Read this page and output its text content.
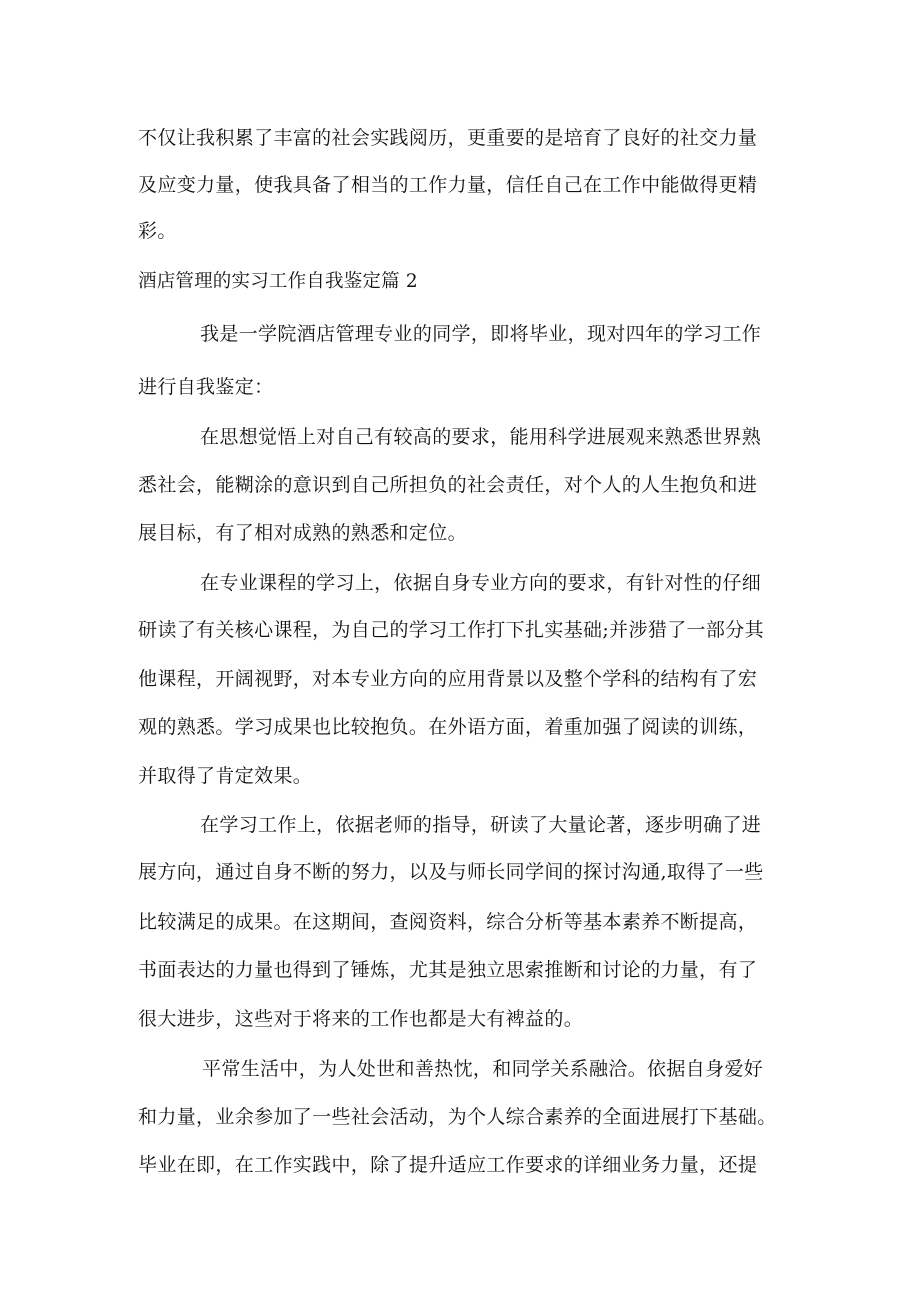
不仅让我积累了丰富的社会实践阅历，更重要的是培育了良好的社交力量
及应变力量，使我具备了相当的工作力量，信任自己在工作中能做得更精
彩。
酒店管理的实习工作自我鉴定篇 2
我是一学院酒店管理专业的同学，即将毕业，现对四年的学习工作
进行自我鉴定：
在思想觉悟上对自己有较高的要求，能用科学进展观来熟悉世界熟
悉社会，能糊涂的意识到自己所担负的社会责任，对个人的人生抱负和进
展目标，有了相对成熟的熟悉和定位。
在专业课程的学习上，依据自身专业方向的要求，有针对性的仔细
研读了有关核心课程，为自己的学习工作打下扎实基础;并涉猎了一部分其
他课程，开阔视野，对本专业方向的应用背景以及整个学科的结构有了宏
观的熟悉。学习成果也比较抱负。在外语方面，着重加强了阅读的训练，
并取得了肯定效果。
在学习工作上，依据老师的指导，研读了大量论著，逐步明确了进
展方向，通过自身不断的努力，以及与师长同学间的探讨沟通,取得了一些
比较满足的成果。在这期间，查阅资料，综合分析等基本素养不断提高，
书面表达的力量也得到了锤炼，尤其是独立思索推断和讨论的力量，有了
很大进步，这些对于将来的工作也都是大有裨益的。
平常生活中，为人处世和善热忱，和同学关系融洽。依据自身爱好
和力量，业余参加了一些社会活动，为个人综合素养的全面进展打下基础。
毕业在即，在工作实践中，除了提升适应工作要求的详细业务力量，还提
